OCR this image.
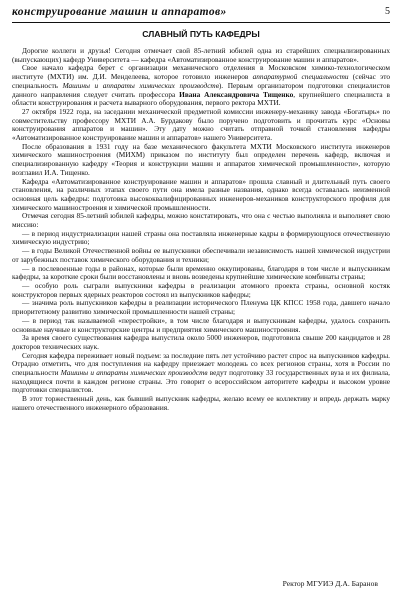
конструирование машин и аппаратов»	5
СЛАВНЫЙ ПУТЬ КАФЕДРЫ

Дорогие коллеги и друзья! Сегодня отмечает свой 85-летний юбилей одна из старейших специализированных (выпускающих) кафедр Университета — кафедра «Автоматизированное конструирование машин и аппаратов».

Свое начало кафедра берет с организации механического отделения в Московском химико-технологическом институте (МХТИ) им. Д.И. Менделеева, которое готовило инженеров аппаратурной специальности (сейчас это специальность Машины и аппараты химических производств). Первым организатором подготовки специалистов данного направления следует считать профессора Ивана Александровича Тищенко, крупнейшего специалиста в области конструирования и расчета выварного оборудования, первого ректора МХТИ.

27 октября 1922 года, на заседании механической предметной комиссии инженеру-механику завода «Богатырь» по совместительству профессору МХТИ А.А. Бурдакову было поручено подготовить и прочитать курс «Основы конструирования аппаратов и машин». Эту дату можно считать отправной точкой становления кафедры «Автоматизированное конструирование машин и аппаратов» нашего Университета.

После образования в 1931 году на базе механического факультета МХТИ Московского института инженеров химического машиностроения (МИХМ) приказом по институту был определен перечень кафедр, включая и специализированную кафедру «Теория и конструкции машин и аппаратов химической промышленности», которую возглавил И.А. Тищенко.

Кафедра «Автоматизированное конструирование машин и аппаратов» прошла славный и длительный путь своего становления, на различных этапах своего пути она имела разные названия, однако всегда оставалась неизменной основная цель кафедры: подготовка высококвалифицированных инженеров-механиков конструкторского профиля для химического машиностроения и химической промышленности.

Отмечая сегодня 85-летний юбилей кафедры, можно констатировать, что она с честью выполняла и выполняет свою миссию:

— в период индустриализации нашей страны она поставляла инженерные кадры в формирующуюся отечественную химическую индустрию;

— в годы Великой Отечественной войны ее выпускники обеспечивали независимость нашей химической индустрии от зарубежных поставок химического оборудования и техники;

— в послевоенные годы в районах, которые были временно оккупированы, благодаря в том числе и выпускникам кафедры, за короткие сроки были восстановлены и вновь возведены крупнейшие химические комбинаты страны;

— особую роль сыграли выпускники кафедры в реализации атомного проекта страны, основной костяк конструкторов первых ядерных реакторов состоял из выпускников кафедры;

— значима роль выпускников кафедры в реализации исторического Пленума ЦК КПСС 1958 года, давшего начало приоритетному развитию химической промышленности нашей страны;

— в период так называемой «перестройки», в том числе благодаря и выпускникам кафедры, удалось сохранить основные научные и конструкторские центры и предприятия химического машиностроения.

За время своего существования кафедра выпустила около 5000 инженеров, подготовила свыше 200 кандидатов и 28 докторов технических наук.

Сегодня кафедра переживает новый подъем: за последние пять лет устойчиво растет спрос на выпускников кафедры. Отрадно отметить, что для поступления на кафедру приезжает молодежь со всех регионов страны, хотя в России по специальности Машины и аппараты химических производств ведут подготовку 33 государственных вуза и их филиала, находящиеся почти в каждом регионе страны. Это говорит о всероссийском авторитете кафедры и высоком уровне подготовки специалистов.

В этот торжественный день, как бывший выпускник кафедры, желаю всему ее коллективу и впредь держать марку нашего отечественного инженерного образования.

Ректор МГУИЭ Д.А. Баранов
